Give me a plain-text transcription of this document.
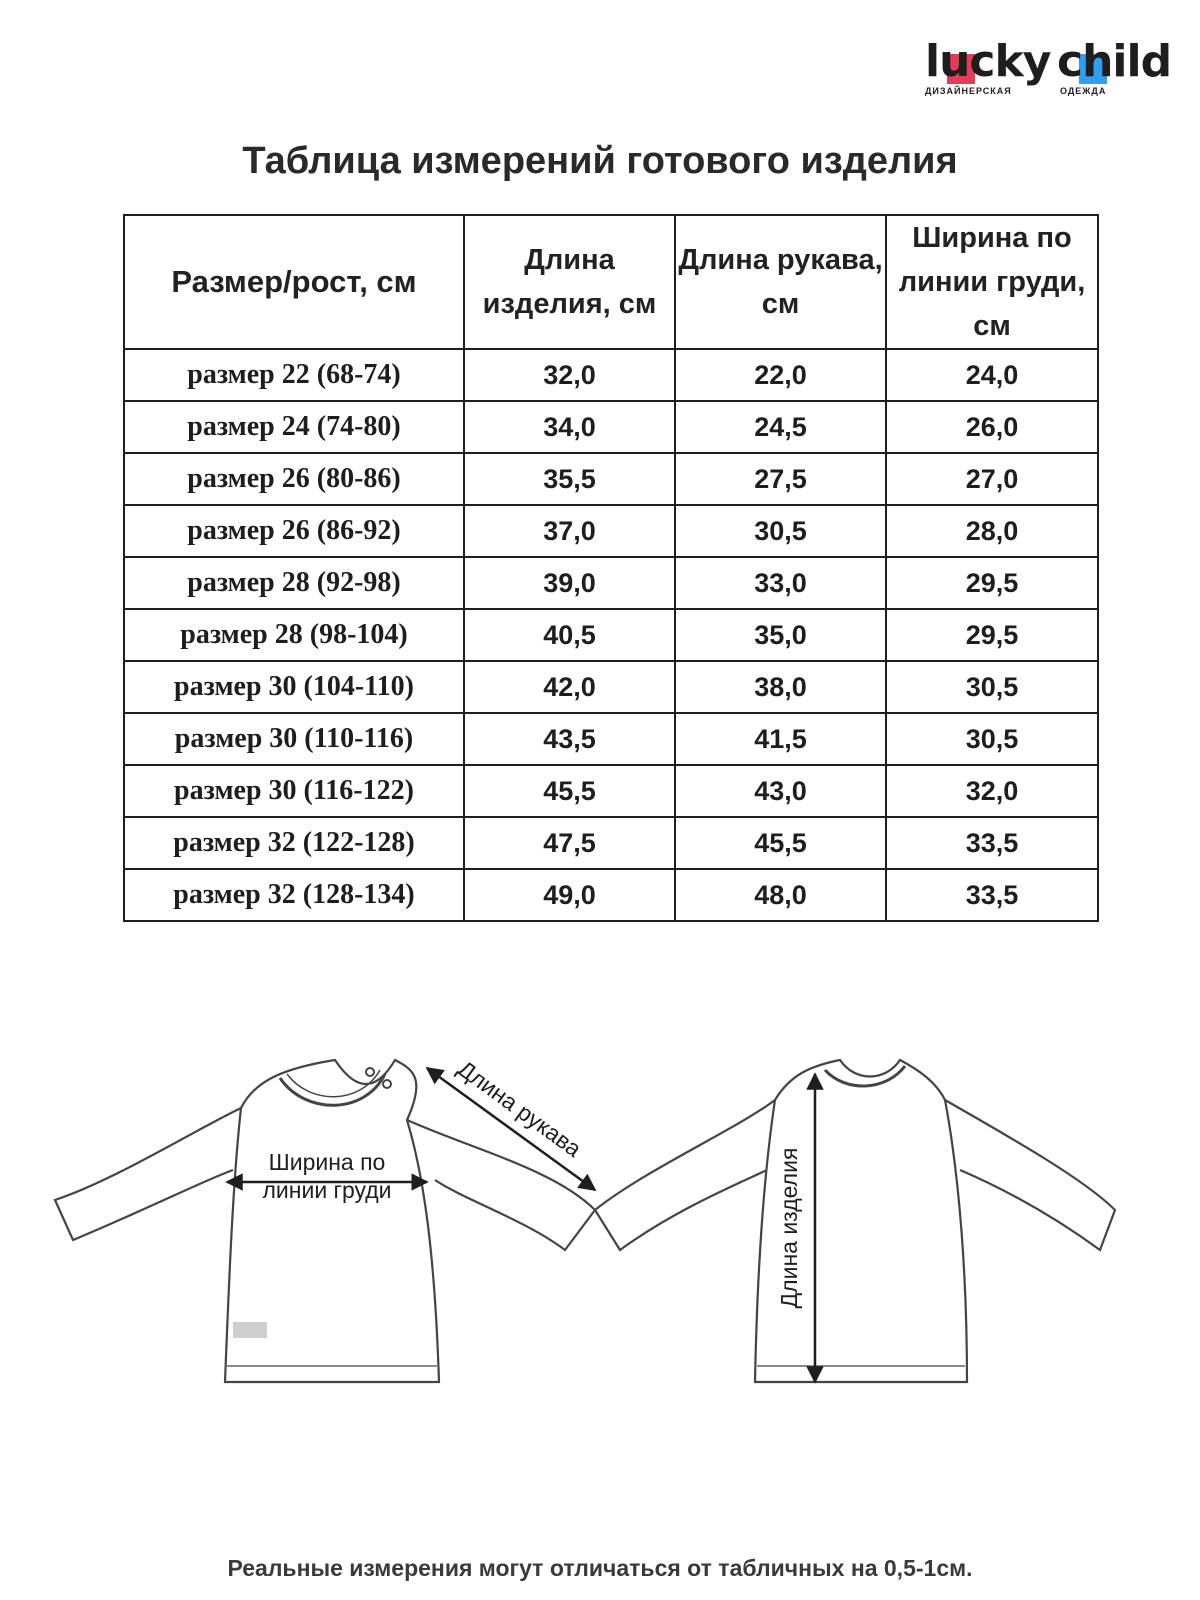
lucky child
ДИЗАЙНЕРСКАЯ	ОДЕЖДА
Таблица измерений готового изделия
Размер/рост, см	Длина изделия, см	Длина рукава, см	Ширина по линии груди, см
размер 22 (68-74)	32,0	22,0	24,0
размер 24 (74-80)	34,0	24,5	26,0
размер 26 (80-86)	35,5	27,5	27,0
размер 26 (86-92)	37,0	30,5	28,0
размер 28 (92-98)	39,0	33,0	29,5
размер 28 (98-104)	40,5	35,0	29,5
размер 30 (104-110)	42,0	38,0	30,5
размер 30 (110-116)	43,5	41,5	30,5
размер 30 (116-122)	45,5	43,0	32,0
размер 32 (122-128)	47,5	45,5	33,5
размер 32 (128-134)	49,0	48,0	33,5
Ширина по
линии груди
Длина рукава
Длина изделия
Реальные измерения могут отличаться от табличных на 0,5-1см.
